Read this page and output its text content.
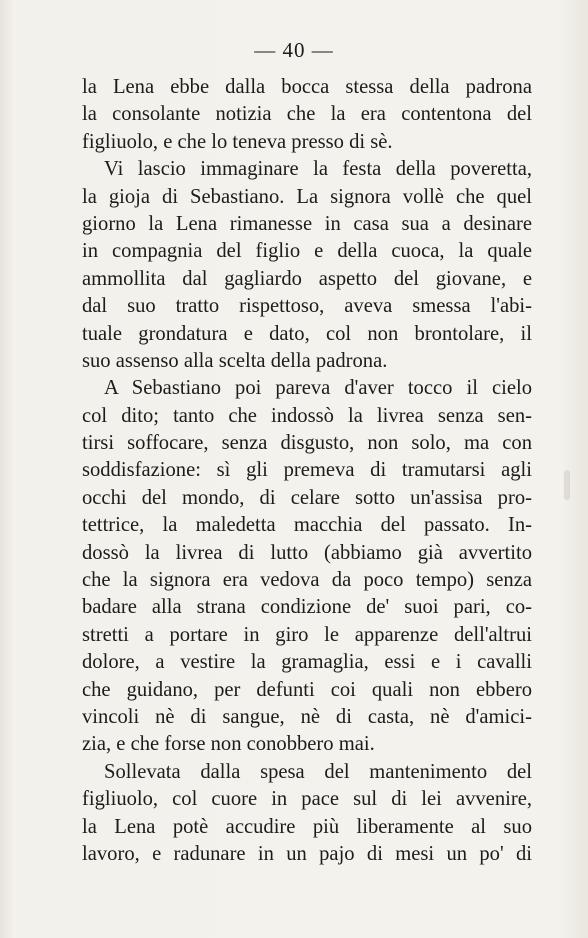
— 40 —
la Lena ebbe dalla bocca stessa della padrona
la consolante notizia che la era contentona del
figliuolo, e che lo teneva presso di sè.
Vi lascio immaginare la festa della poveretta,
la gioja di Sebastiano. La signora vollè che quel
giorno la Lena rimanesse in casa sua a desinare
in compagnia del figlio e della cuoca, la quale
ammollita dal gagliardo aspetto del giovane, e
dal suo tratto rispettoso, aveva smessa l'abi-
tuale grondatura e dato, col non brontolare, il
suo assenso alla scelta della padrona.
A Sebastiano poi pareva d'aver tocco il cielo
col dito; tanto che indossò la livrea senza sen-
tirsi soffocare, senza disgusto, non solo, ma con
soddisfazione: sì gli premeva di tramutarsi agli
occhi del mondo, di celare sotto un'assisa pro-
tettrice, la maledetta macchia del passato. In-
dossò la livrea di lutto (abbiamo già avvertito
che la signora era vedova da poco tempo) senza
badare alla strana condizione de' suoi pari, co-
stretti a portare in giro le apparenze dell'altrui
dolore, a vestire la gramaglia, essi e i cavalli
che guidano, per defunti coi quali non ebbero
vincoli nè di sangue, nè di casta, nè d'amici-
zia, e che forse non conobbero mai.
Sollevata dalla spesa del mantenimento del
figliuolo, col cuore in pace sul di lei avvenire,
la Lena potè accudire più liberamente al suo
lavoro, e radunare in un pajo di mesi un po' di
